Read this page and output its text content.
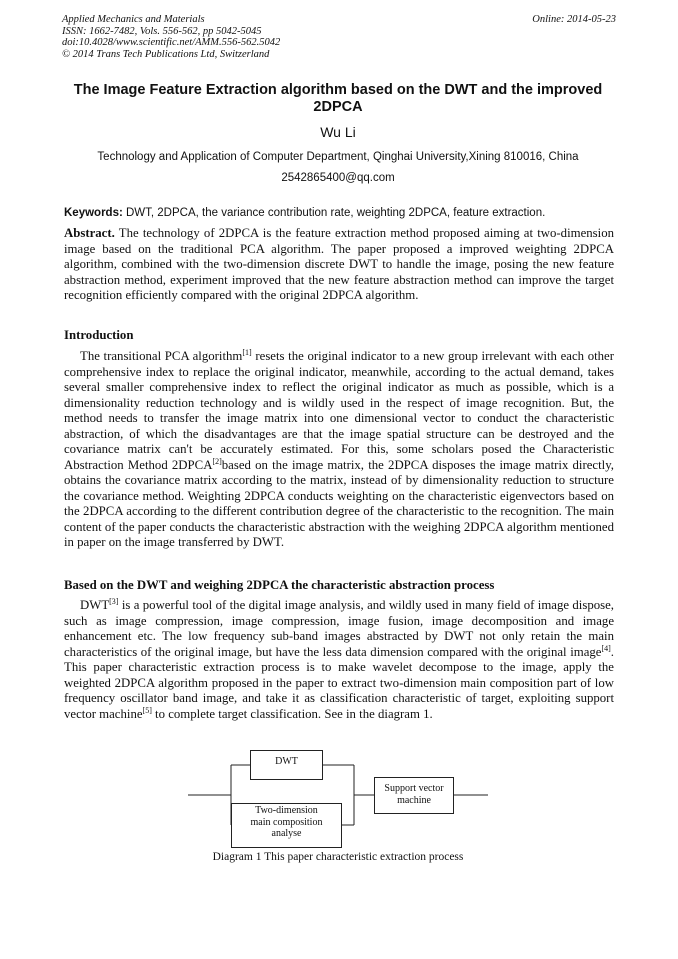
Applied Mechanics and Materials
ISSN: 1662-7482, Vols. 556-562, pp 5042-5045
doi:10.4028/www.scientific.net/AMM.556-562.5042
© 2014 Trans Tech Publications Ltd, Switzerland
Online: 2014-05-23
The Image Feature Extraction algorithm based on the DWT and the improved 2DPCA
Wu Li
Technology and Application of Computer Department, Qinghai University,Xining 810016, China
2542865400@qq.com
Keywords: DWT, 2DPCA, the variance contribution rate, weighting 2DPCA, feature extraction.

Abstract. The technology of 2DPCA is the feature extraction method proposed aiming at two-dimension image based on the traditional PCA algorithm. The paper proposed a improved weighting 2DPCA algorithm, combined with the two-dimension discrete DWT to handle the image, posing the new feature abstraction method, experiment improved that the new feature abstraction method can improve the target recognition efficiently compared with the original 2DPCA algorithm.

Introduction

The transitional PCA algorithm[1] resets the original indicator to a new group irrelevant with each other comprehensive index to replace the original indicator, meanwhile, according to the actual demand, takes several smaller comprehensive index to reflect the original indicator as much as possible, which is a dimensionality reduction technology and is wildly used in the respect of image recognition. But, the method needs to transfer the image matrix into one dimensional vector to conduct the characteristic abstraction, of which the disadvantages are that the image spatial structure can be destroyed and the covariance matrix can't be accurately estimated. For this, some scholars posed the Characteristic Abstraction Method 2DPCA[2]based on the image matrix, the 2DPCA disposes the image matrix directly, obtains the covariance matrix according to the matrix, instead of by dimensionality reduction to structure the covariance method. Weighting 2DPCA conducts weighting on the characteristic eigenvectors based on the 2DPCA according to the different contribution degree of the characteristic to the recognition. The main content of the paper conducts the characteristic abstraction with the weighing 2DPCA algorithm mentioned in paper on the image transferred by DWT.

Based on the DWT and weighing 2DPCA the characteristic abstraction process

DWT[3] is a powerful tool of the digital image analysis, and wildly used in many field of image dispose, such as image compression, image compression, image fusion, image decomposition and image enhancement etc. The low frequency sub-band images abstracted by DWT not only retain the main characteristics of the original image, but have the less data dimension compared with the original image[4]. This paper characteristic extraction process is to make wavelet decompose to the image, apply the weighted 2DPCA algorithm proposed in the paper to extract two-dimension main composition part of low frequency oscillator band image, and take it as classification characteristic of target, exploiting support vector machine[5] to complete target classification. See in the diagram 1.

DWT
Support vector
machine
Two-dimension
main composition
analyse
Diagram 1 This paper characteristic extraction process
